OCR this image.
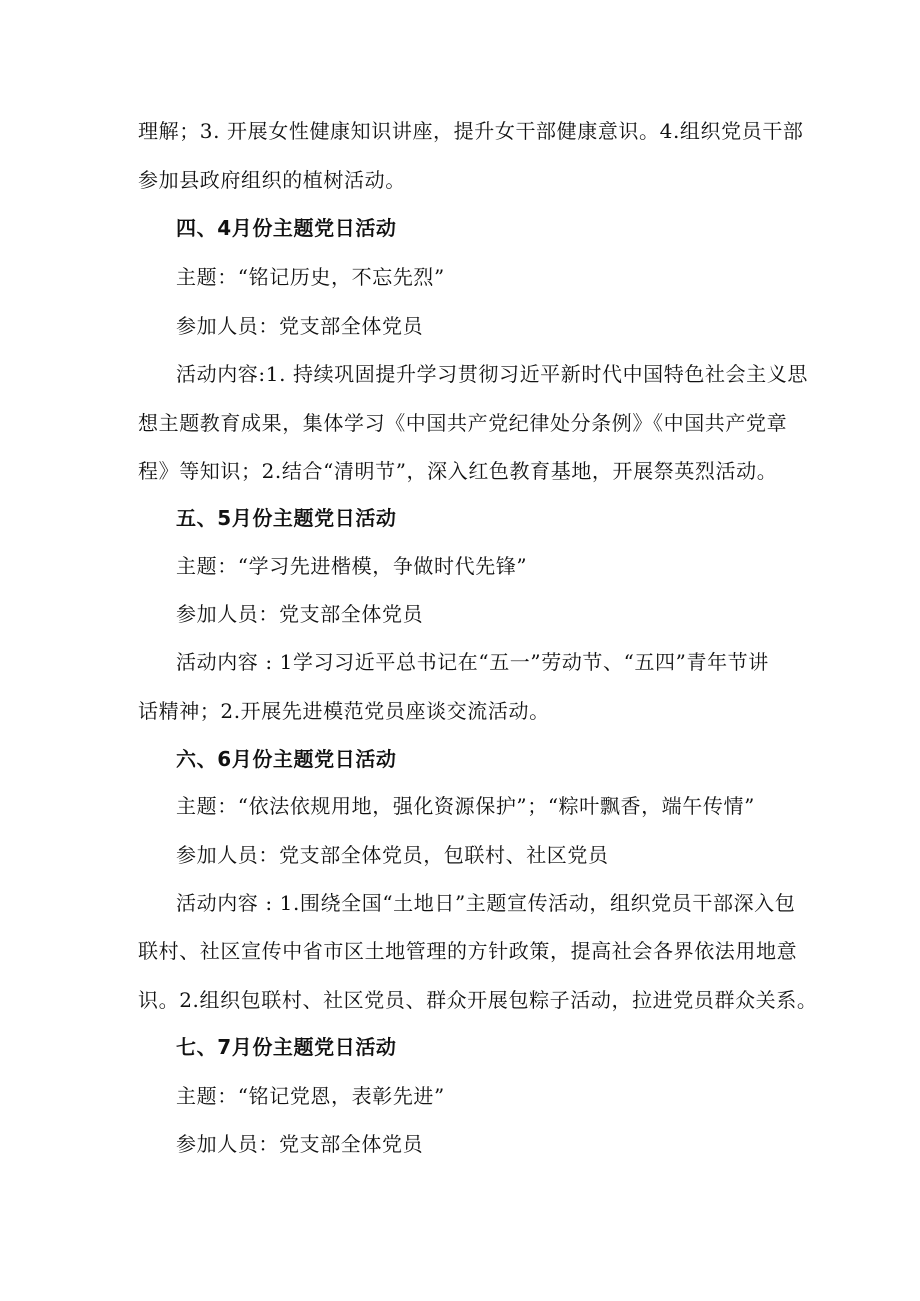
理解；3. 开展女性健康知识讲座，提升女干部健康意识。4.组织党员干部
参加县政府组织的植树活动。
四、4月份主题党日活动
主题：“铭记历史，不忘先烈”
参加人员：党支部全体党员
活动内容:1. 持续巩固提升学习贯彻习近平新时代中国特色社会主义思
想主题教育成果，集体学习《中国共产党纪律处分条例》《中国共产党章
程》等知识；2.结合“清明节”，深入红色教育基地，开展祭英烈活动。
五、5月份主题党日活动
主题：“学习先进楷模，争做时代先锋”
参加人员：党支部全体党员
活动内容 : 1学习习近平总书记在“五一”劳动节、“五四”青年节讲
话精神；2.开展先进模范党员座谈交流活动。
六、6月份主题党日活动
主题：“依法依规用地，强化资源保护”；“粽叶飘香，端午传情”
参加人员：党支部全体党员，包联村、社区党员
活动内容 : 1.围绕全国“土地日”主题宣传活动，组织党员干部深入包
联村、社区宣传中省市区土地管理的方针政策，提高社会各界依法用地意
识。2.组织包联村、社区党员、群众开展包粽子活动，拉进党员群众关系。
七、7月份主题党日活动
主题：“铭记党恩，表彰先进”
参加人员：党支部全体党员
